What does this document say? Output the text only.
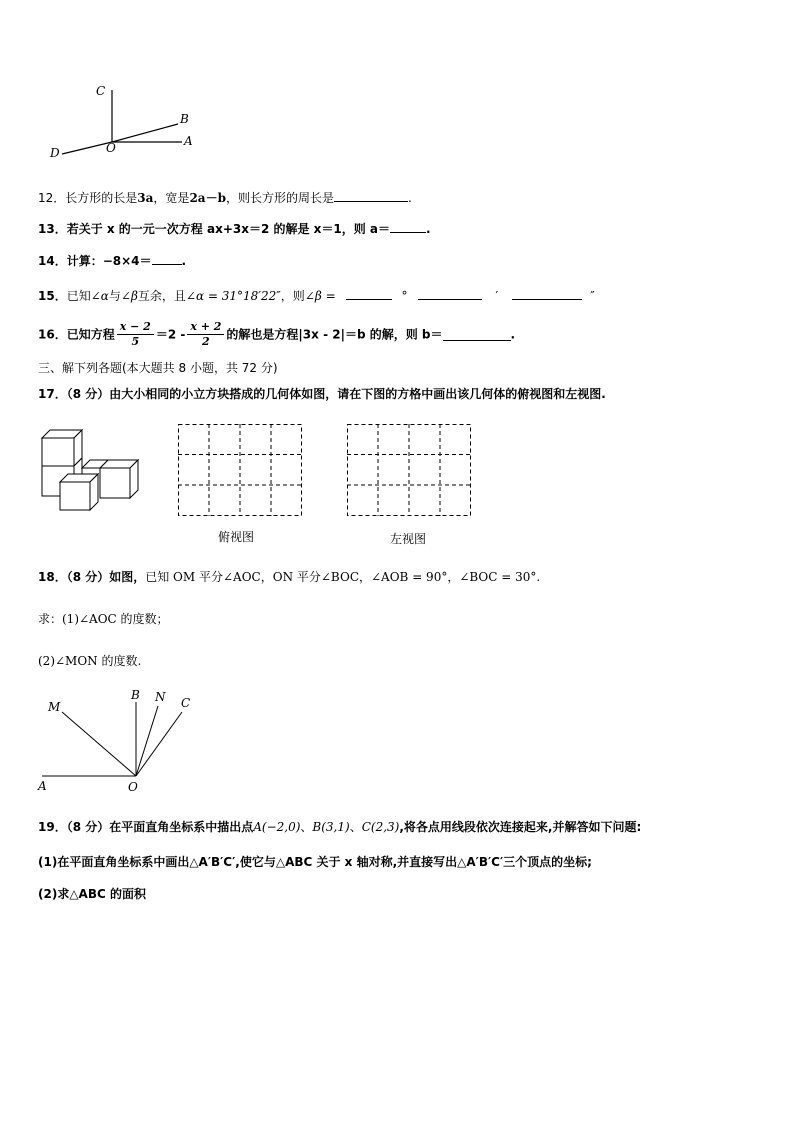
C
B
A
D	O
12．长方形的长是3a，宽是2a－b，则长方形的周长是	.
13．若关于 x 的一元一次方程 ax+3x＝2 的解是 x＝1，则 a＝	.
14．计算：−8×4＝	.
15．已知∠α与∠β互余，且∠α = 31°18′22″，则∠β =	°	′	″
16．已知方程 $\frac{x - 2}{5} =2 - \frac{x + 2}{2}$ 的解也是方程|3x - 2|＝b 的解，则 b＝	.
三、解下列各题(本大题共 8 小题，共 72 分)
17．（8 分）由大小相同的小立方块搭成的几何体如图，请在下图的方格中画出该几何体的俯视图和左视图.
俯视图	左视图
18．（8 分）如图，已知 OM 平分∠AOC，ON 平分∠BOC，∠AOB = 90°，∠BOC = 30°.
求：(1)∠AOC 的度数；
(2)∠MON 的度数.
M
B N C
A	O
19．（8 分）在平面直角坐标系中描出点A(−2,0)、B(3,1)、C(2,3),将各点用线段依次连接起来,并解答如下问题:
(1)在平面直角坐标系中画出△A′B′C′,使它与△ABC 关于 x 轴对称,并直接写出△A′B′C′三个顶点的坐标;
(2)求△ABC 的面积
